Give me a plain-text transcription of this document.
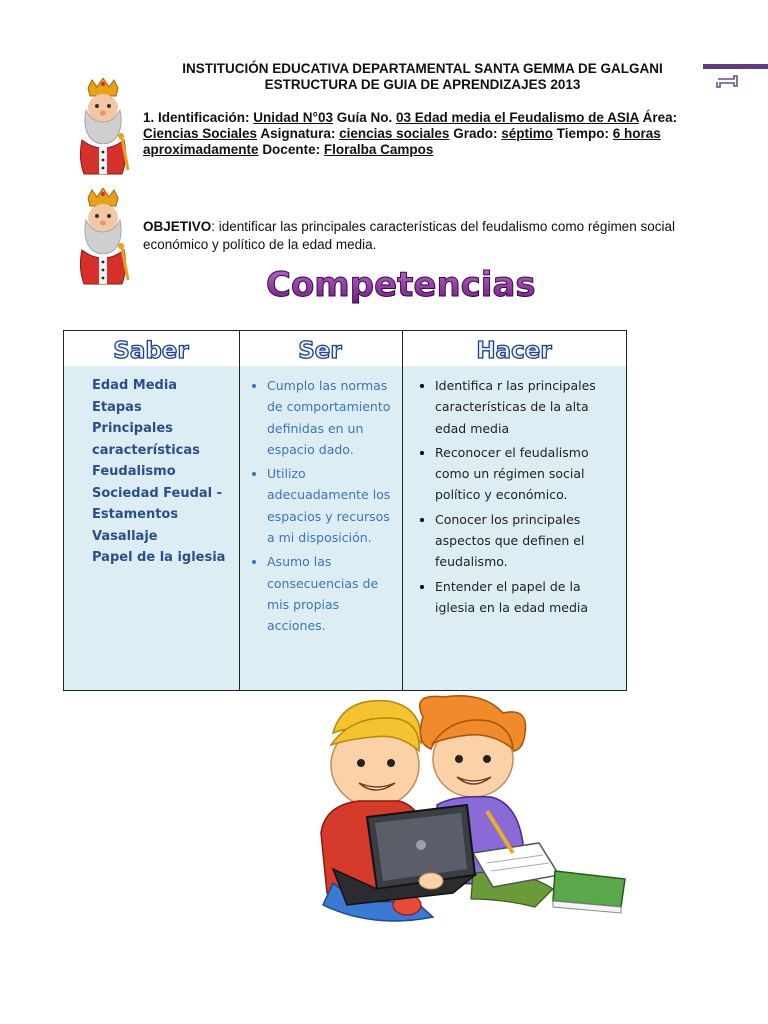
INSTITUCIÓN EDUCATIVA DEPARTAMENTAL SANTA GEMMA DE GALGANI
ESTRUCTURA DE GUIA DE APRENDIZAJES 2013
1. Identificación: Unidad N°03 Guía No. 03 Edad media el Feudalismo de ASIA Área: Ciencias Sociales Asignatura: ciencias sociales Grado: séptimo Tiempo: 6 horas aproximadamente Docente: Floralba Campos
OBJETIVO: identificar las principales características del feudalismo como régimen social económico y político de la edad media.
Competencias
Saber
Edad Media
Etapas
Principales
características
Feudalismo
Sociedad Feudal -
Estamentos
Vasallaje
Papel de la iglesia
Ser
• Cumplo las normas de comportamiento definidas en un espacio dado.
• Utilizo adecuadamente los espacios y recursos a mi disposición.
• Asumo las consecuencias de mis propias acciones.
Hacer
• Identifica r las principales características de la alta edad media
• Reconocer el feudalismo como un régimen social político y económico.
• Conocer los principales aspectos que definen el feudalismo.
• Entender el papel de la iglesia en la edad media
